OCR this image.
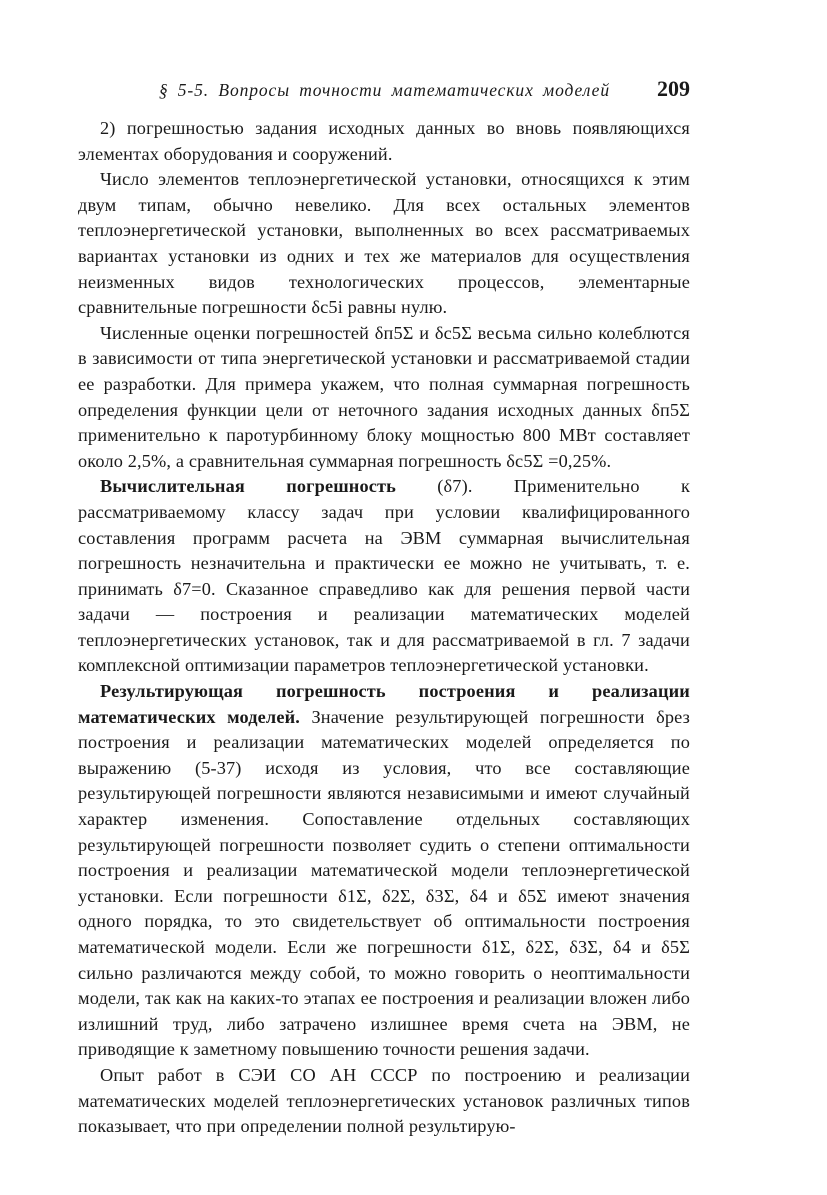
§ 5-5. Вопросы точности математических моделей 209

2) погрешностью задания исходных данных во вновь появляющихся элементах оборудования и сооружений.

Число элементов теплоэнергетической установки, относящихся к этим двум типам, обычно невелико. Для всех остальных элементов теплоэнергетической установки, выполненных во всех рассматриваемых вариантах установки из одних и тех же материалов для осуществления неизменных видов технологических процессов, элементарные сравнительные погрешности δс5i равны нулю.

Численные оценки погрешностей δп5Σ и δс5Σ весьма сильно колеблются в зависимости от типа энергетической установки и рассматриваемой стадии ее разработки. Для примера укажем, что полная суммарная погрешность определения функции цели от неточного задания исходных данных δп5Σ применительно к паротурбинному блоку мощностью 800 МВт составляет около 2,5%, а сравнительная суммарная погрешность δс5Σ =0,25%.

Вычислительная погрешность (δ7). Применительно к рассматриваемому классу задач при условии квалифицированного составления программ расчета на ЭВМ суммарная вычислительная погрешность незначительна и практически ее можно не учитывать, т. е. принимать δ7=0. Сказанное справедливо как для решения первой части задачи — построения и реализации математических моделей теплоэнергетических установок, так и для рассматриваемой в гл. 7 задачи комплексной оптимизации параметров теплоэнергетической установки.

Результирующая погрешность построения и реализации математических моделей. Значение результирующей погрешности δрез построения и реализации математических моделей определяется по выражению (5-37) исходя из условия, что все составляющие результирующей погрешности являются независимыми и имеют случайный характер изменения. Сопоставление отдельных составляющих результирующей погрешности позволяет судить о степени оптимальности построения и реализации математической модели теплоэнергетической установки. Если погрешности δ1Σ, δ2Σ, δ3Σ, δ4 и δ5Σ имеют значения одного порядка, то это свидетельствует об оптимальности построения математической модели. Если же погрешности δ1Σ, δ2Σ, δ3Σ, δ4 и δ5Σ сильно различаются между собой, то можно говорить о неоптимальности модели, так как на каких-то этапах ее построения и реализации вложен либо излишний труд, либо затрачено излишнее время счета на ЭВМ, не приводящие к заметному повышению точности решения задачи.

Опыт работ в СЭИ СО АН СССР по построению и реализации математических моделей теплоэнергетических установок различных типов показывает, что при определении полной результирую-
